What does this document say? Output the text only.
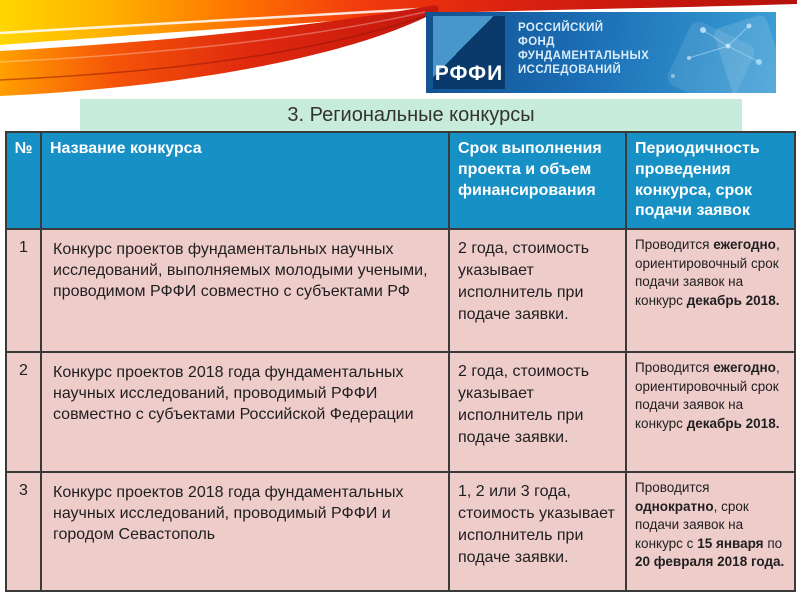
РФФИ
РОССИЙСКИЙ
ФОНД
ФУНДАМЕНТАЛЬНЫХ
ИССЛЕДОВАНИЙ
3. Региональные конкурсы
№	Название конкурса	Срок выполнения проекта и объем финансирования	Периодичность проведения конкурса, срок подачи заявок
1	Конкурс проектов фундаментальных научных исследований, выполняемых молодыми учеными, проводимом РФФИ совместно с субъектами РФ	2 года, стоимость указывает исполнитель при подаче заявки.	Проводится ежегодно, ориентировочный срок подачи заявок на конкурс декабрь 2018.
2	Конкурс проектов 2018 года фундаментальных научных исследований, проводимый РФФИ совместно с субъектами Российской Федерации	2 года, стоимость указывает исполнитель при подаче заявки.	Проводится ежегодно, ориентировочный срок подачи заявок на конкурс декабрь 2018.
3	Конкурс проектов 2018 года фундаментальных научных исследований, проводимый РФФИ и городом Севастополь	1, 2 или 3 года, стоимость указывает исполнитель при подаче заявки.	Проводится однократно, срок подачи заявок на конкурс с 15 января по 20 февраля 2018 года.
